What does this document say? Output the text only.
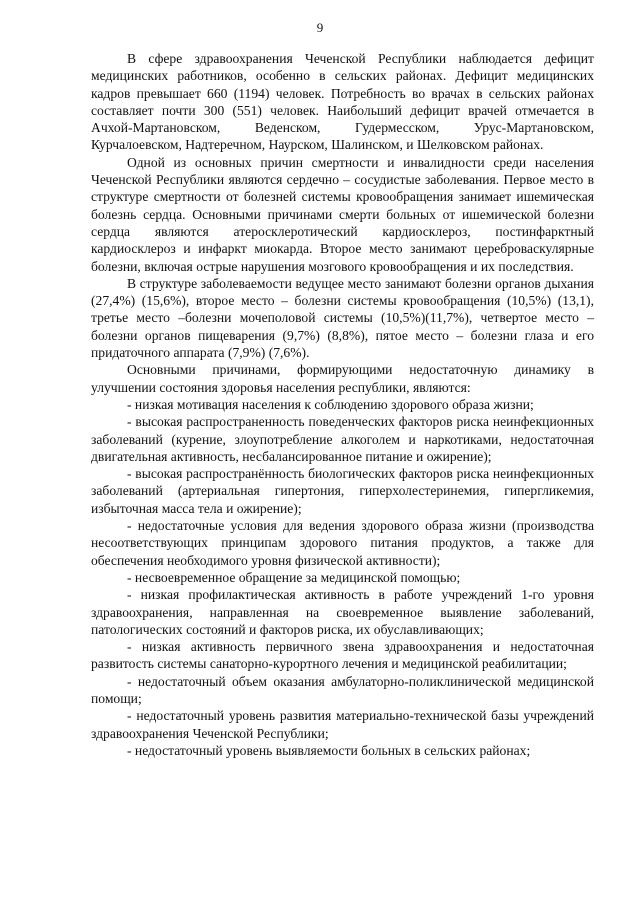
9

В сфере здравоохранения Чеченской Республики наблюдается дефицит медицинских работников, особенно в сельских районах. Дефицит медицинских кадров превышает 660 (1194) человек. Потребность во врачах в сельских районах составляет почти 300 (551) человек. Наибольший дефицит врачей отмечается в Ачхой-Мартановском, Веденском, Гудермесском, Урус-Мартановском, Курчалоевском, Надтеречном, Наурском, Шалинском, и Шелковском районах.

Одной из основных причин смертности и инвалидности среди населения Чеченской Республики являются сердечно – сосудистые заболевания. Первое место в структуре смертности от болезней системы кровообращения занимает ишемическая болезнь сердца. Основными причинами смерти больных от ишемической болезни сердца являются атеросклеротический кардиосклероз, постинфарктный кардиосклероз и инфаркт миокарда. Второе место занимают цереброваскулярные болезни, включая острые нарушения мозгового кровообращения и их последствия.

В структуре заболеваемости ведущее место занимают болезни органов дыхания (27,4%) (15,6%), второе место – болезни системы кровообращения (10,5%) (13,1), третье место –болезни мочеполовой системы (10,5%)(11,7%), четвертое место –болезни органов пищеварения (9,7%) (8,8%), пятое место – болезни глаза и его придаточного аппарата (7,9%) (7,6%).

Основными причинами, формирующими недостаточную динамику в улучшении состояния здоровья населения республики, являются:

- низкая мотивация населения к соблюдению здорового образа жизни;

- высокая распространенность поведенческих факторов риска неинфекционных заболеваний (курение, злоупотребление алкоголем и наркотиками, недостаточная двигательная активность, несбалансированное питание и ожирение);

- высокая распространённость биологических факторов риска неинфекционных заболеваний (артериальная гипертония, гиперхолестеринемия, гипергликемия, избыточная масса тела и ожирение);

- недостаточные условия для ведения здорового образа жизни (производства несоответствующих принципам здорового питания продуктов, а также для обеспечения необходимого уровня физической активности);

- несвоевременное обращение за медицинской помощью;

- низкая профилактическая активность в работе учреждений 1-го уровня здравоохранения, направленная на своевременное выявление заболеваний, патологических состояний и факторов риска, их обуславливающих;

- низкая активность первичного звена здравоохранения и недостаточная развитость системы санаторно-курортного лечения и медицинской реабилитации;

- недостаточный объем оказания амбулаторно-поликлинической медицинской помощи;

- недостаточный уровень развития материально-технической базы учреждений здравоохранения Чеченской Республики;

- недостаточный уровень выявляемости больных в сельских районах;
